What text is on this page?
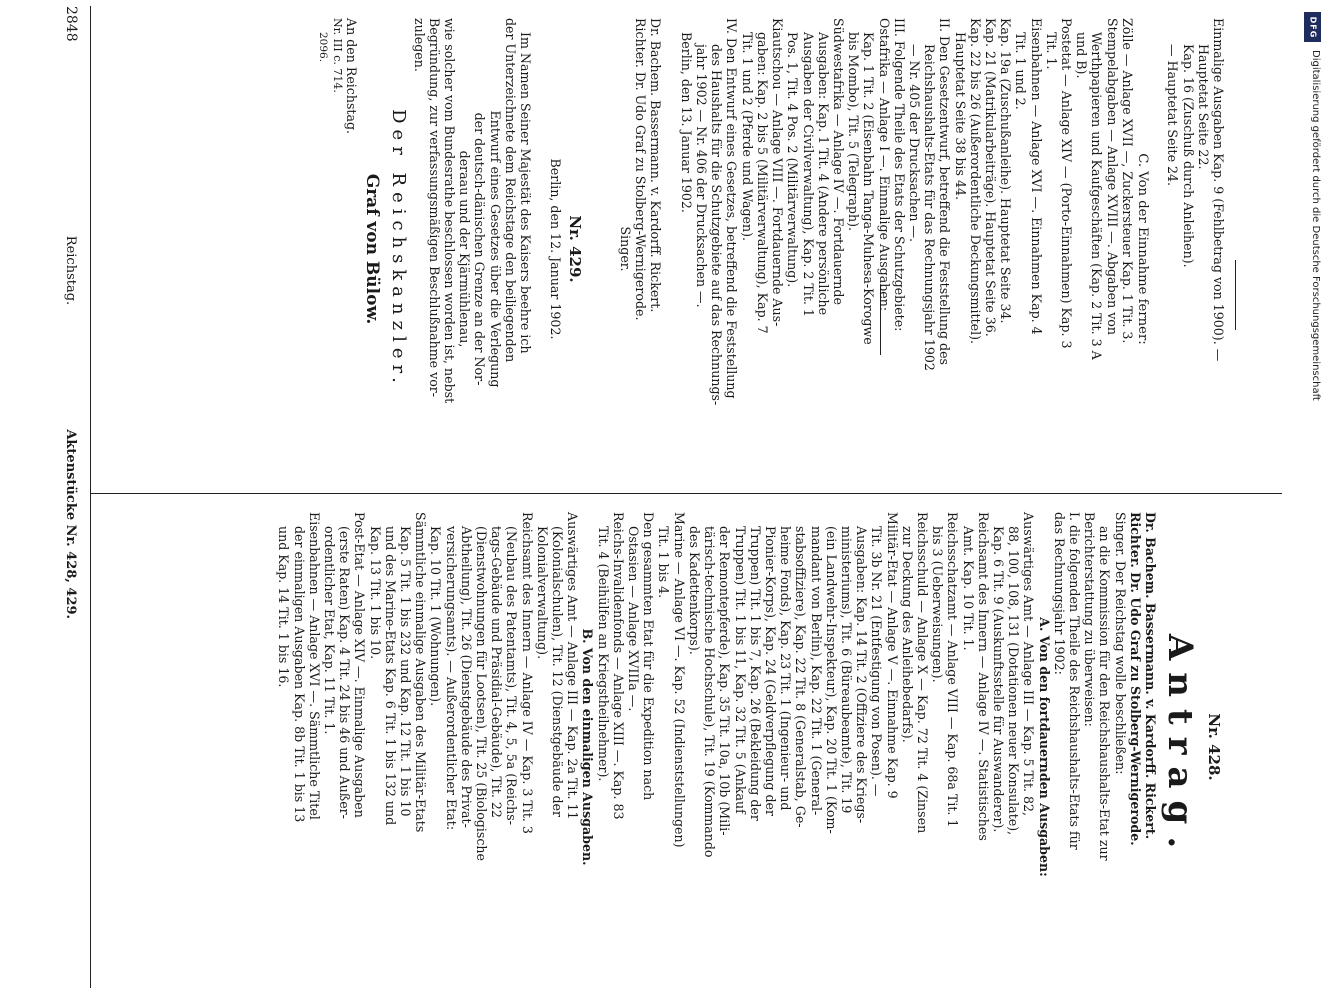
2848 Reichstag. Aktenstücke Nr. 428, 429.
Nr. 428.
Antrag.
Dr. Bachem. Bassermann. v. Kardorff. Rickert.
Richter. Dr. Udo Graf zu Stolberg-Wernigerode.
Singer. Der Reichstag wolle beschließen:
an die Kommission für den Reichshaushalts-Etat zur
Berichterstattung zu überweisen:
I. die folgenden Theile des Reichshaushalts-Etats für
das Rechnungsjahr 1902:
A. Von den fortdauernden Ausgaben:
Auswärtiges Amt — Anlage III — Kap. 5 Tit. 82,
88, 100, 108, 131 (Dotationen neuer Konsulate),
Kap. 6 Tit. 9 (Auskunftsstelle für Auswanderer).
Reichsamt des Innern — Anlage IV —. Statistisches
Amt. Kap. 10 Tit. 1.
Reichsschatzamt — Anlage VIII — Kap. 68a Tit. 1
bis 3 (Ueberweisungen).
Reichsschuld — Anlage X — Kap. 72 Tit. 4 (Zinsen
zur Deckung des Anleihebedarfs).
Militär-Etat — Anlage V —. Einnahme Kap. 9
Tit. 3b Nr. 21 (Entfestigung von Posen). —
Ausgaben: Kap. 14 Tit. 2 (Offiziere des Kriegs-
ministeriums), Tit. 6 (Büreaubeamte), Tit. 19
(ein Landwehr-Inspekteur), Kap. 20 Tit. 1 (Kom-
mandant von Berlin), Kap. 22 Tit. 1 (General-
stabsoffiziere), Kap. 22 Tit. 8 (Generalstab, Ge-
heime Fonds), Kap. 23 Tit. 1 (Ingenieur- und
Pionier-Korps), Kap. 24 (Geldverpflegung der
Truppen) Tit. 1 bis 7, Kap. 26 (Bekleidung der
Truppen) Tit. 1 bis 11, Kap. 32 Tit. 5 (Ankauf
der Remontepferde), Kap. 35 Tit. 10a, 10b (Mili-
tärisch-technische Hochschule), Tit. 19 (Kommando
des Kadettenkorps).
Marine — Anlage VI —. Kap. 52 (Indienststellungen)
Tit. 1 bis 4.
Den gesammten Etat für die Expedition nach
Ostasien — Anlage XVIIIa —.
Reichs-Invalidenfonds — Anlage XIII —. Kap. 83
Tit. 4 (Beihülfen an Kriegstheilnehmer).
B. Von den einmaligen Ausgaben.
Auswärtiges Amt — Anlage III — Kap. 2a Tit. 11
(Kolonialschulen), Tit. 12 (Dienstgebäude der
Kolonialverwaltung).
Reichsamt des Innern — Anlage IV — Kap. 3 Tit. 3
(Neubau des Patentamts), Tit. 4, 5, 5a (Reichs-
tags-Gebäude und Präsidial-Gebäude), Tit. 22
(Dienstwohnungen für Lootsen), Tit. 25 (Biologische
Abtheilung), Tit. 26 (Dienstgebäude des Privat-
versicherungsamts). — Außerordentlicher Etat:
Kap. 10 Tit. 1 (Wohnungen).
Sämmtliche einmalige Ausgaben des Militär-Etats
Kap. 5 Tit. 1 bis 232 und Kap. 12 Tit. 1 bis 10
und des Marine-Etats Kap. 6 Tit. 1 bis 132 und
Kap. 13 Tit. 1 bis 10.
Post-Etat — Anlage XIV —. Einmalige Ausgaben
(erste Raten) Kap. 4 Tit. 24 bis 46 und Außer-
ordentlicher Etat, Kap. 11 Tit. 1.
Eisenbahnen — Anlage XVI —. Sämmtliche Titel
der einmaligen Ausgaben Kap. 8b Tit. 1 bis 13
und Kap. 14 Tit. 1 bis 16.
Einmalige Ausgaben Kap. 9 (Fehlbetrag von 1900). —
Hauptetat Seite 22.
Kap. 16 (Zuschuß durch Anleihen).
— Hauptetat Seite 24.

C. Von der Einnahme ferner:
Zölle — Anlage XVII —, Zuckersteuer Kap. 1 Tit. 3.
Stempelabgaben — Anlage XVIII —. Abgaben von
Werthpapieren und Kaufgeschäften (Kap. 2 Tit. 3 A
und B).
Postetat — Anlage XIV — (Porto-Einnahmen) Kap. 3
Tit. 1.
Eisenbahnen — Anlage XVI —. Einnahmen Kap. 4
Tit. 1 und 2.
Kap. 19a (Zuschußanleihe). Hauptetat Seite 34.
Kap. 21 (Matrikularbeiträge). Hauptetat Seite 36.
Kap. 22 bis 26 (Außerordentliche Deckungsmittel).
Hauptetat Seite 38 bis 44.
II. Den Gesetzentwurf, betreffend die Feststellung des
Reichshaushalts-Etats für das Rechnungsjahr 1902
— Nr. 405 der Drucksachen —.
III. Folgende Theile des Etats der Schutzgebiete:
Ostafrika — Anlage I —. Einmalige Ausgaben:
Kap. 1 Tit. 2 (Eisenbahn Tanga-Muhesa-Korogwe
bis Mombo), Tit. 5 (Telegraph).
Südwestafrika — Anlage IV —. Fortdauernde
Ausgaben: Kap. 1 Tit. 4 (Andere persönliche
Ausgaben der Civilverwaltung), Kap. 2 Tit. 1
Pos. 1, Tit. 4 Pos. 2 (Militärverwaltung).
Kiautschou — Anlage VIII —. Fortdauernde Aus-
gaben: Kap. 2 bis 5 (Militärverwaltung), Kap. 7
Tit. 1 und 2 (Pferde und Wagen).
IV. Den Entwurf eines Gesetzes, betreffend die Feststellung
des Haushalts für die Schutzgebiete auf das Rechnungs-
jahr 1902 — Nr. 406 der Drucksachen —.
Berlin, den 13. Januar 1902.

Dr. Bachem. Bassermann. v. Kardorff. Rickert.
Richter. Dr. Udo Graf zu Stolberg-Wernigerode.
Singer.

Nr. 429.
Berlin, den 12. Januar 1902.

Im Namen Seiner Majestät des Kaisers beehre ich
der Unterzeichnete dem Reichstage den beiliegenden
Entwurf eines Gesetzes über die Verlegung
der deutsch-dänischen Grenze an der Nor-
deraau und der Kjärmühlenau,
wie solcher vom Bundesrathe beschlossen worden ist, nebst
Begründung, zur verfassungsmäßigen Beschlußnahme vor-
zulegen.
Der Reichskanzler.
Graf von Bülow.
An den Reichstag.
Nr. III c. 714.
2096.
Digitalisierung gefördert durch die Deutsche Forschungsgemeinschaft
DFG
